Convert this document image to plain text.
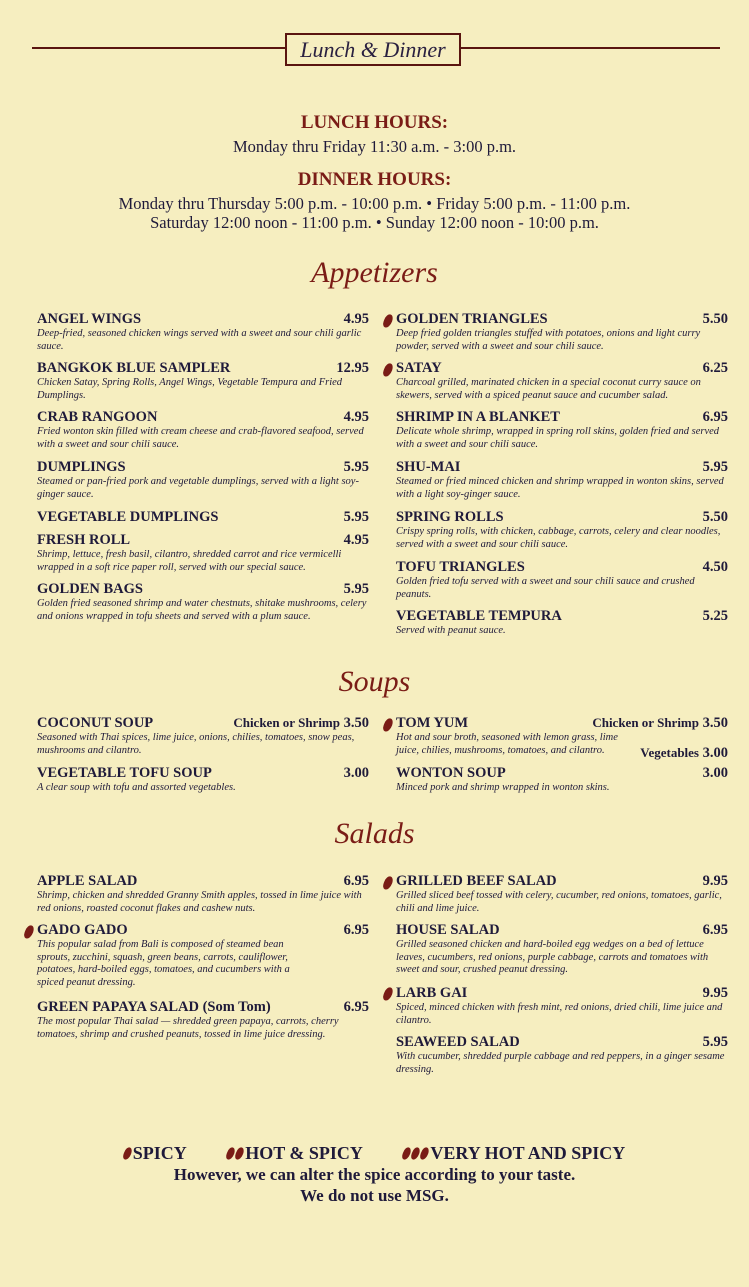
Lunch & Dinner
LUNCH HOURS:
Monday thru Friday 11:30 a.m. - 3:00 p.m.
DINNER HOURS:
Monday thru Thursday 5:00 p.m. - 10:00 p.m. • Friday 5:00 p.m. - 11:00 p.m.
Saturday 12:00 noon - 11:00 p.m. • Sunday 12:00 noon - 10:00 p.m.
Appetizers
ANGEL WINGS	4.95
Deep-fried, seasoned chicken wings served with a sweet and sour chili garlic sauce.
BANGKOK BLUE SAMPLER	12.95
Chicken Satay, Spring Rolls, Angel Wings, Vegetable Tempura and Fried Dumplings.
CRAB RANGOON	4.95
Fried wonton skin filled with cream cheese and crab-flavored seafood, served with a sweet and sour chili sauce.
DUMPLINGS	5.95
Steamed or pan-fried pork and vegetable dumplings, served with a light soy-ginger sauce.
VEGETABLE DUMPLINGS	5.95
FRESH ROLL	4.95
Shrimp, lettuce, fresh basil, cilantro, shredded carrot and rice vermicelli wrapped in a soft rice paper roll, served with our special sauce.
GOLDEN BAGS	5.95
Golden fried seasoned shrimp and water chestnuts, shitake mushrooms, celery and onions wrapped in tofu sheets and served with a plum sauce.
GOLDEN TRIANGLES	5.50
Deep fried golden triangles stuffed with potatoes, onions and light curry powder, served with a sweet and sour chili sauce.
SATAY	6.25
Charcoal grilled, marinated chicken in a special coconut curry sauce on skewers, served with a spiced peanut sauce and cucumber salad.
SHRIMP IN A BLANKET	6.95
Delicate whole shrimp, wrapped in spring roll skins, golden fried and served with a sweet and sour chili sauce.
SHU-MAI	5.95
Steamed or fried minced chicken and shrimp wrapped in wonton skins, served with a light soy-ginger sauce.
SPRING ROLLS	5.50
Crispy spring rolls, with chicken, cabbage, carrots, celery and clear noodles, served with a sweet and sour chili sauce.
TOFU TRIANGLES	4.50
Golden fried tofu served with a sweet and sour chili sauce and crushed peanuts.
VEGETABLE TEMPURA	5.25
Served with peanut sauce.
Soups
COCONUT SOUP	Chicken or Shrimp 3.50
Seasoned with Thai spices, lime juice, onions, chilies, tomatoes, snow peas, mushrooms and cilantro.
VEGETABLE TOFU SOUP	3.00
A clear soup with tofu and assorted vegetables.
TOM YUM	Chicken or Shrimp 3.50
Hot and sour broth, seasoned with lemon grass, lime juice, chilies, mushrooms, tomatoes, and cilantro.	Vegetables 3.00
WONTON SOUP	3.00
Minced pork and shrimp wrapped in wonton skins.
Salads
APPLE SALAD	6.95
Shrimp, chicken and shredded Granny Smith apples, tossed in lime juice with red onions, roasted coconut flakes and cashew nuts.
GADO GADO	6.95
This popular salad from Bali is composed of steamed bean sprouts, zucchini, squash, green beans, carrots, cauliflower, potatoes, hard-boiled eggs, tomatoes, and cucumbers with a spiced peanut dressing.
GREEN PAPAYA SALAD (Som Tom)	6.95
The most popular Thai salad — shredded green papaya, carrots, cherry tomatoes, shrimp and crushed peanuts, tossed in lime juice dressing.
GRILLED BEEF SALAD	9.95
Grilled sliced beef tossed with celery, cucumber, red onions, tomatoes, garlic, chili and lime juice.
HOUSE SALAD	6.95
Grilled seasoned chicken and hard-boiled egg wedges on a bed of lettuce leaves, cucumbers, red onions, purple cabbage, carrots and tomatoes with sweet and sour, crushed peanut dressing.
LARB GAI	9.95
Spiced, minced chicken with fresh mint, red onions, dried chili, lime juice and cilantro.
SEAWEED SALAD	5.95
With cucumber, shredded purple cabbage and red peppers, in a ginger sesame dressing.
SPICY	HOT & SPICY	VERY HOT AND SPICY
However, we can alter the spice according to your taste.
We do not use MSG.
